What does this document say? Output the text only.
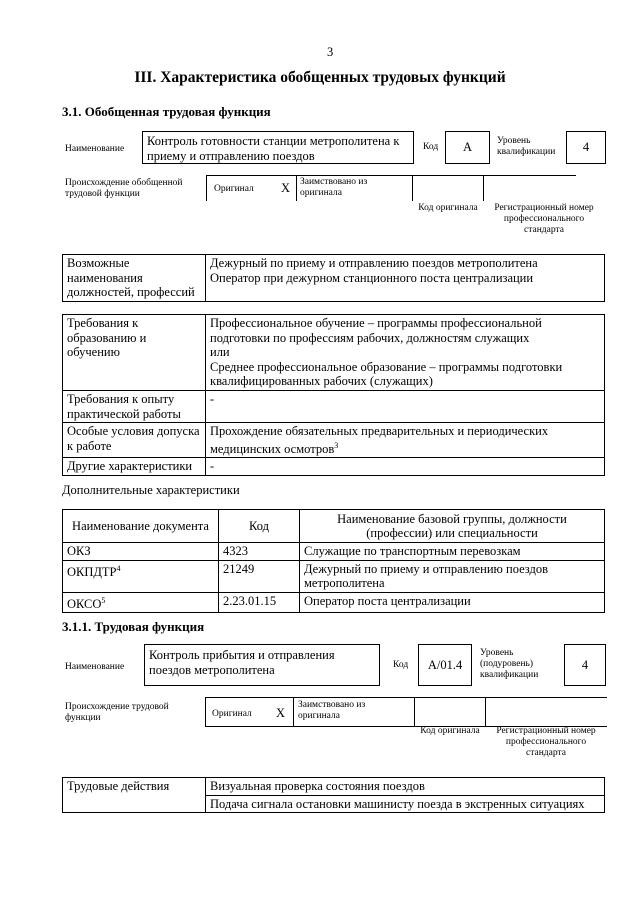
3
III. Характеристика обобщенных трудовых функций
3.1. Обобщенная трудовая функция
Наименование
Контроль готовности станции метрополитена к приему и отправлению поездов
Код	A	Уровень квалификации	4
Происхождение обобщенной трудовой функции	Оригинал X Заимствовано из оригинала
Код оригинала	Регистрационный номер профессионального стандарта
Возможные наименования должностей, профессий	
Дежурный по приему и отправлению поездов метрополитена
Оператор при дежурном станционного поста централизации
Требования к образованию и обучению	Профессиональное обучение – программы профессиональной
подготовки по профессиям рабочих, должностям служащих
или
Среднее профессиональное образование – программы подготовки
квалифицированных рабочих (служащих)

Требования к опыту практической работы	-
Особые условия допуска к работе	Прохождение обязательных предварительных и периодических
медицинских осмотров$^3$

Другие характеристики	-
Дополнительные характеристики
Наименование документа	Код	Наименование базовой группы, должности (профессии) или специальности
ОКЗ	4323	Служащие по транспортным перевозкам
ОКПДТР$^4$	21249	Дежурный по приему и отправлению поездов метрополитена
ОКСО$^5$	2.23.01.15	Оператор поста централизации
3.1.1. Трудовая функция
Наименование
Контроль прибытия и отправления поездов метрополитена	Код	A/01.4
Уровень (подуровень) квалификации
4
Происхождение трудовой функции	Оригинал X
Заимствовано из оригинала
Код оригинала	Регистрационный номер профессионального стандарта
Трудовые действия	Визуальная проверка состояния поездов
Подача сигнала остановки машинисту поезда в экстренных ситуациях
